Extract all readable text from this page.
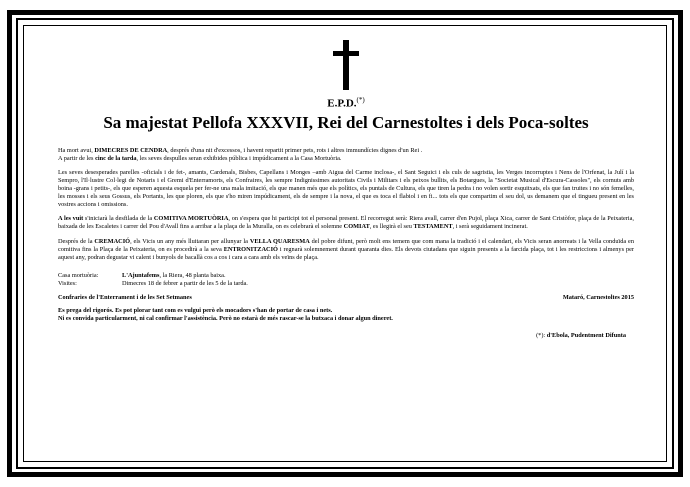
E.P.D.(*)
Sa majestat Pellofa XXXVII, Rei del Carnestoltes i dels Poca-soltes

Ha mort avui, DIMECRES DE CENDRA, després d'una nit d'excessos, i havent repartit primer pets, rots i altres immundícies dignes d'un Rei .
A partir de les cinc de la tarda, les seves despulles seran exhibides pública i impúdicament a la Casa Mortuòria.

Les seves desesperades parelles -oficials i de fet-, amants, Cardenals, Bisbes, Capellans i Monges –amb Aigua del Carme inclosa-, el Sant Seguici i els culs de sagristia, les Verges incorruptes i Nens de l'Orfenat, la Julí i la Sempro, l'Il·lustre Col·legi de Notaris i el Gremi d'Enterramorts, els Confraires, les sempre Indignissimes autoritats Civils i Militars i els peixos bullits, els Botargues, la "Societat Musical d'Escura-Cassoles", els cornuts amb boina -grans i petits-, els que esperen aquesta esquela per fer-ne una mala imitació, els que manen més que els polítics, els puntals de Cultura, els que tiren la pedra i no volen sortir esquitxats, els que fan truites i no són femelles, les mosses i els seus Gossus, els Portants, les que ploren, els que s'ho miren impúdicament, els de sempre i la nova, el que es toca el flabiol i en fi... tots els que compartim el seu dol, us demanem que el tingueu present en les vostres accions i omissions.

A les vuit s'iniciarà la desfilada de la COMITIVA MORTUÒRIA, on s'espera que hi participi tot el personal present. El recorregut serà: Riera avall, carrer d'en Pujol, plaça Xica, carrer de Sant Cristòfor, plaça de la Peixateria, baixada de les Escaletes i carrer del Pou d'Avall fins a arribar a la plaça de la Muralla, on es celebrarà el solemne COMIAT, es llegirà el seu TESTAMENT, i serà seguidament incinerat.

Després de la CREMACIÓ, els Vicis un any més lluitaran per allunyar la VELLA QUARESMA del pobre difunt, però molt ens temem que com mana la tradició i el calendari, els Vicis seran anorreats i la Vella conduïda en comitiva fins la Plaça de la Peixateria, on es procedirà a la seva ENTRONITZACIÓ i regnarà solemnement durant quaranta dies. Els devots ciutadans que siguin presents a la farcida plaça, tot i les restriccions i almenys per aquest any, podran degustar vi calent i bunyols de bacallà cos a cos i cara a cara amb els veïns de plaça.

Casa mortuòria:	L'Ajuntafems, la Riera, 48 planta baixa.
Visites:	Dimecres 18 de febrer a partir de les 5 de la tarda.
Confraries de l'Enterrament i de les Set Setmanes	Mataró, Carnestoltes 2015
Es prega del rigorós. Es pot plorar tant com es vulgui però els mocadors s'han de portar de casa i nets.
Ni es convida particularment, ni cal confirmar l'assistència. Però no estarà de més rascar-se la butxaca i donar algun dineret.
(*): d'Ebola, Pudentment Difunta
